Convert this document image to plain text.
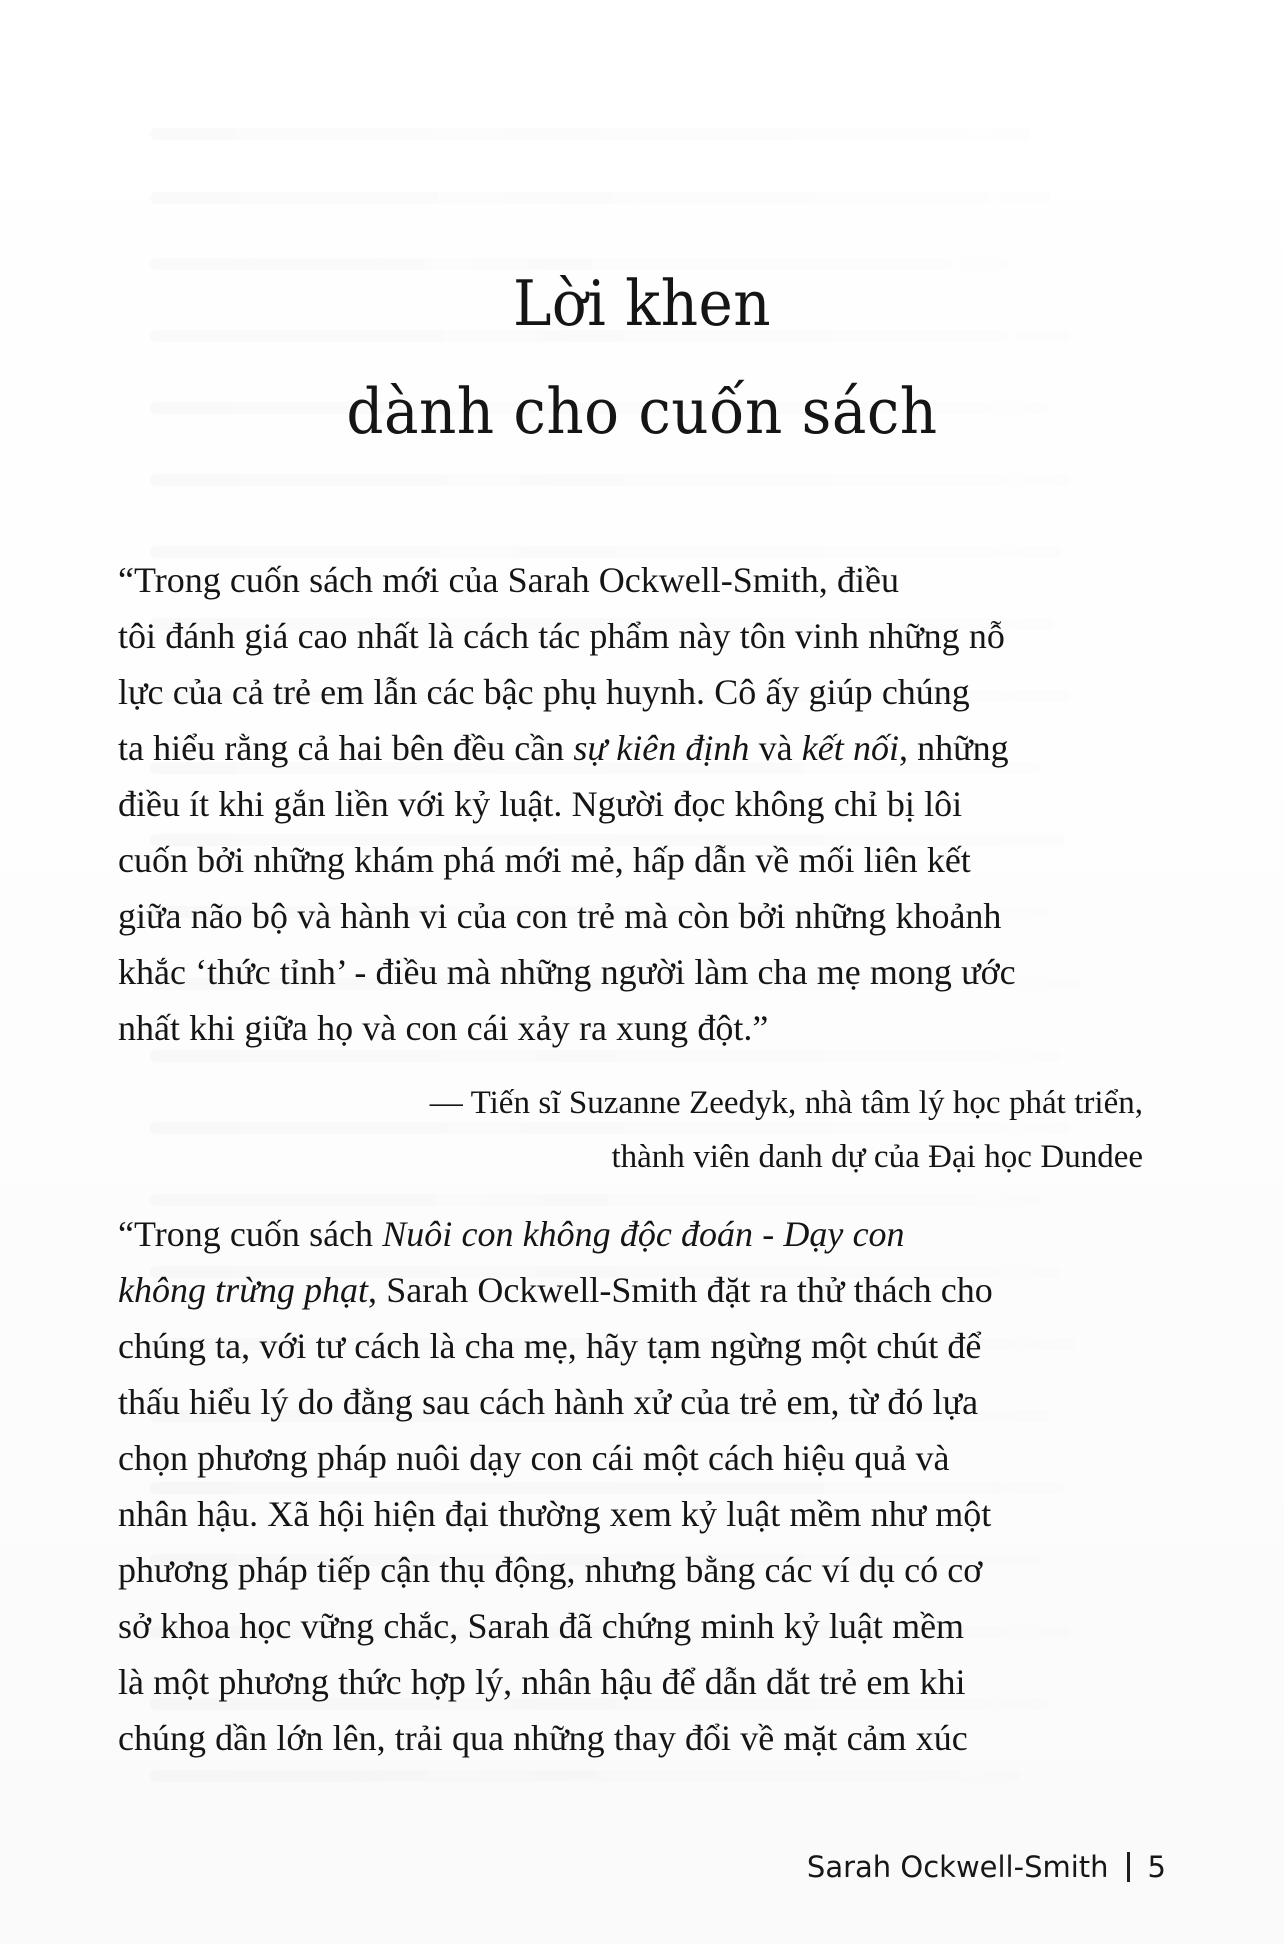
Lời khen
dành cho cuốn sách
“Trong cuốn sách mới của Sarah Ockwell-Smith, điều
tôi đánh giá cao nhất là cách tác phẩm này tôn vinh những nỗ
lực của cả trẻ em lẫn các bậc phụ huynh. Cô ấy giúp chúng
ta hiểu rằng cả hai bên đều cần sự kiên định và kết nối, những
điều ít khi gắn liền với kỷ luật. Người đọc không chỉ bị lôi
cuốn bởi những khám phá mới mẻ, hấp dẫn về mối liên kết
giữa não bộ và hành vi của con trẻ mà còn bởi những khoảnh
khắc ‘thức tỉnh’ - điều mà những người làm cha mẹ mong ước
nhất khi giữa họ và con cái xảy ra xung đột.”
— Tiến sĩ Suzanne Zeedyk, nhà tâm lý học phát triển,
thành viên danh dự của Đại học Dundee
“Trong cuốn sách Nuôi con không độc đoán - Dạy con
không trừng phạt, Sarah Ockwell-Smith đặt ra thử thách cho
chúng ta, với tư cách là cha mẹ, hãy tạm ngừng một chút để
thấu hiểu lý do đằng sau cách hành xử của trẻ em, từ đó lựa
chọn phương pháp nuôi dạy con cái một cách hiệu quả và
nhân hậu. Xã hội hiện đại thường xem kỷ luật mềm như một
phương pháp tiếp cận thụ động, nhưng bằng các ví dụ có cơ
sở khoa học vững chắc, Sarah đã chứng minh kỷ luật mềm
là một phương thức hợp lý, nhân hậu để dẫn dắt trẻ em khi
chúng dần lớn lên, trải qua những thay đổi về mặt cảm xúc
Sarah Ockwell-Smith 5
